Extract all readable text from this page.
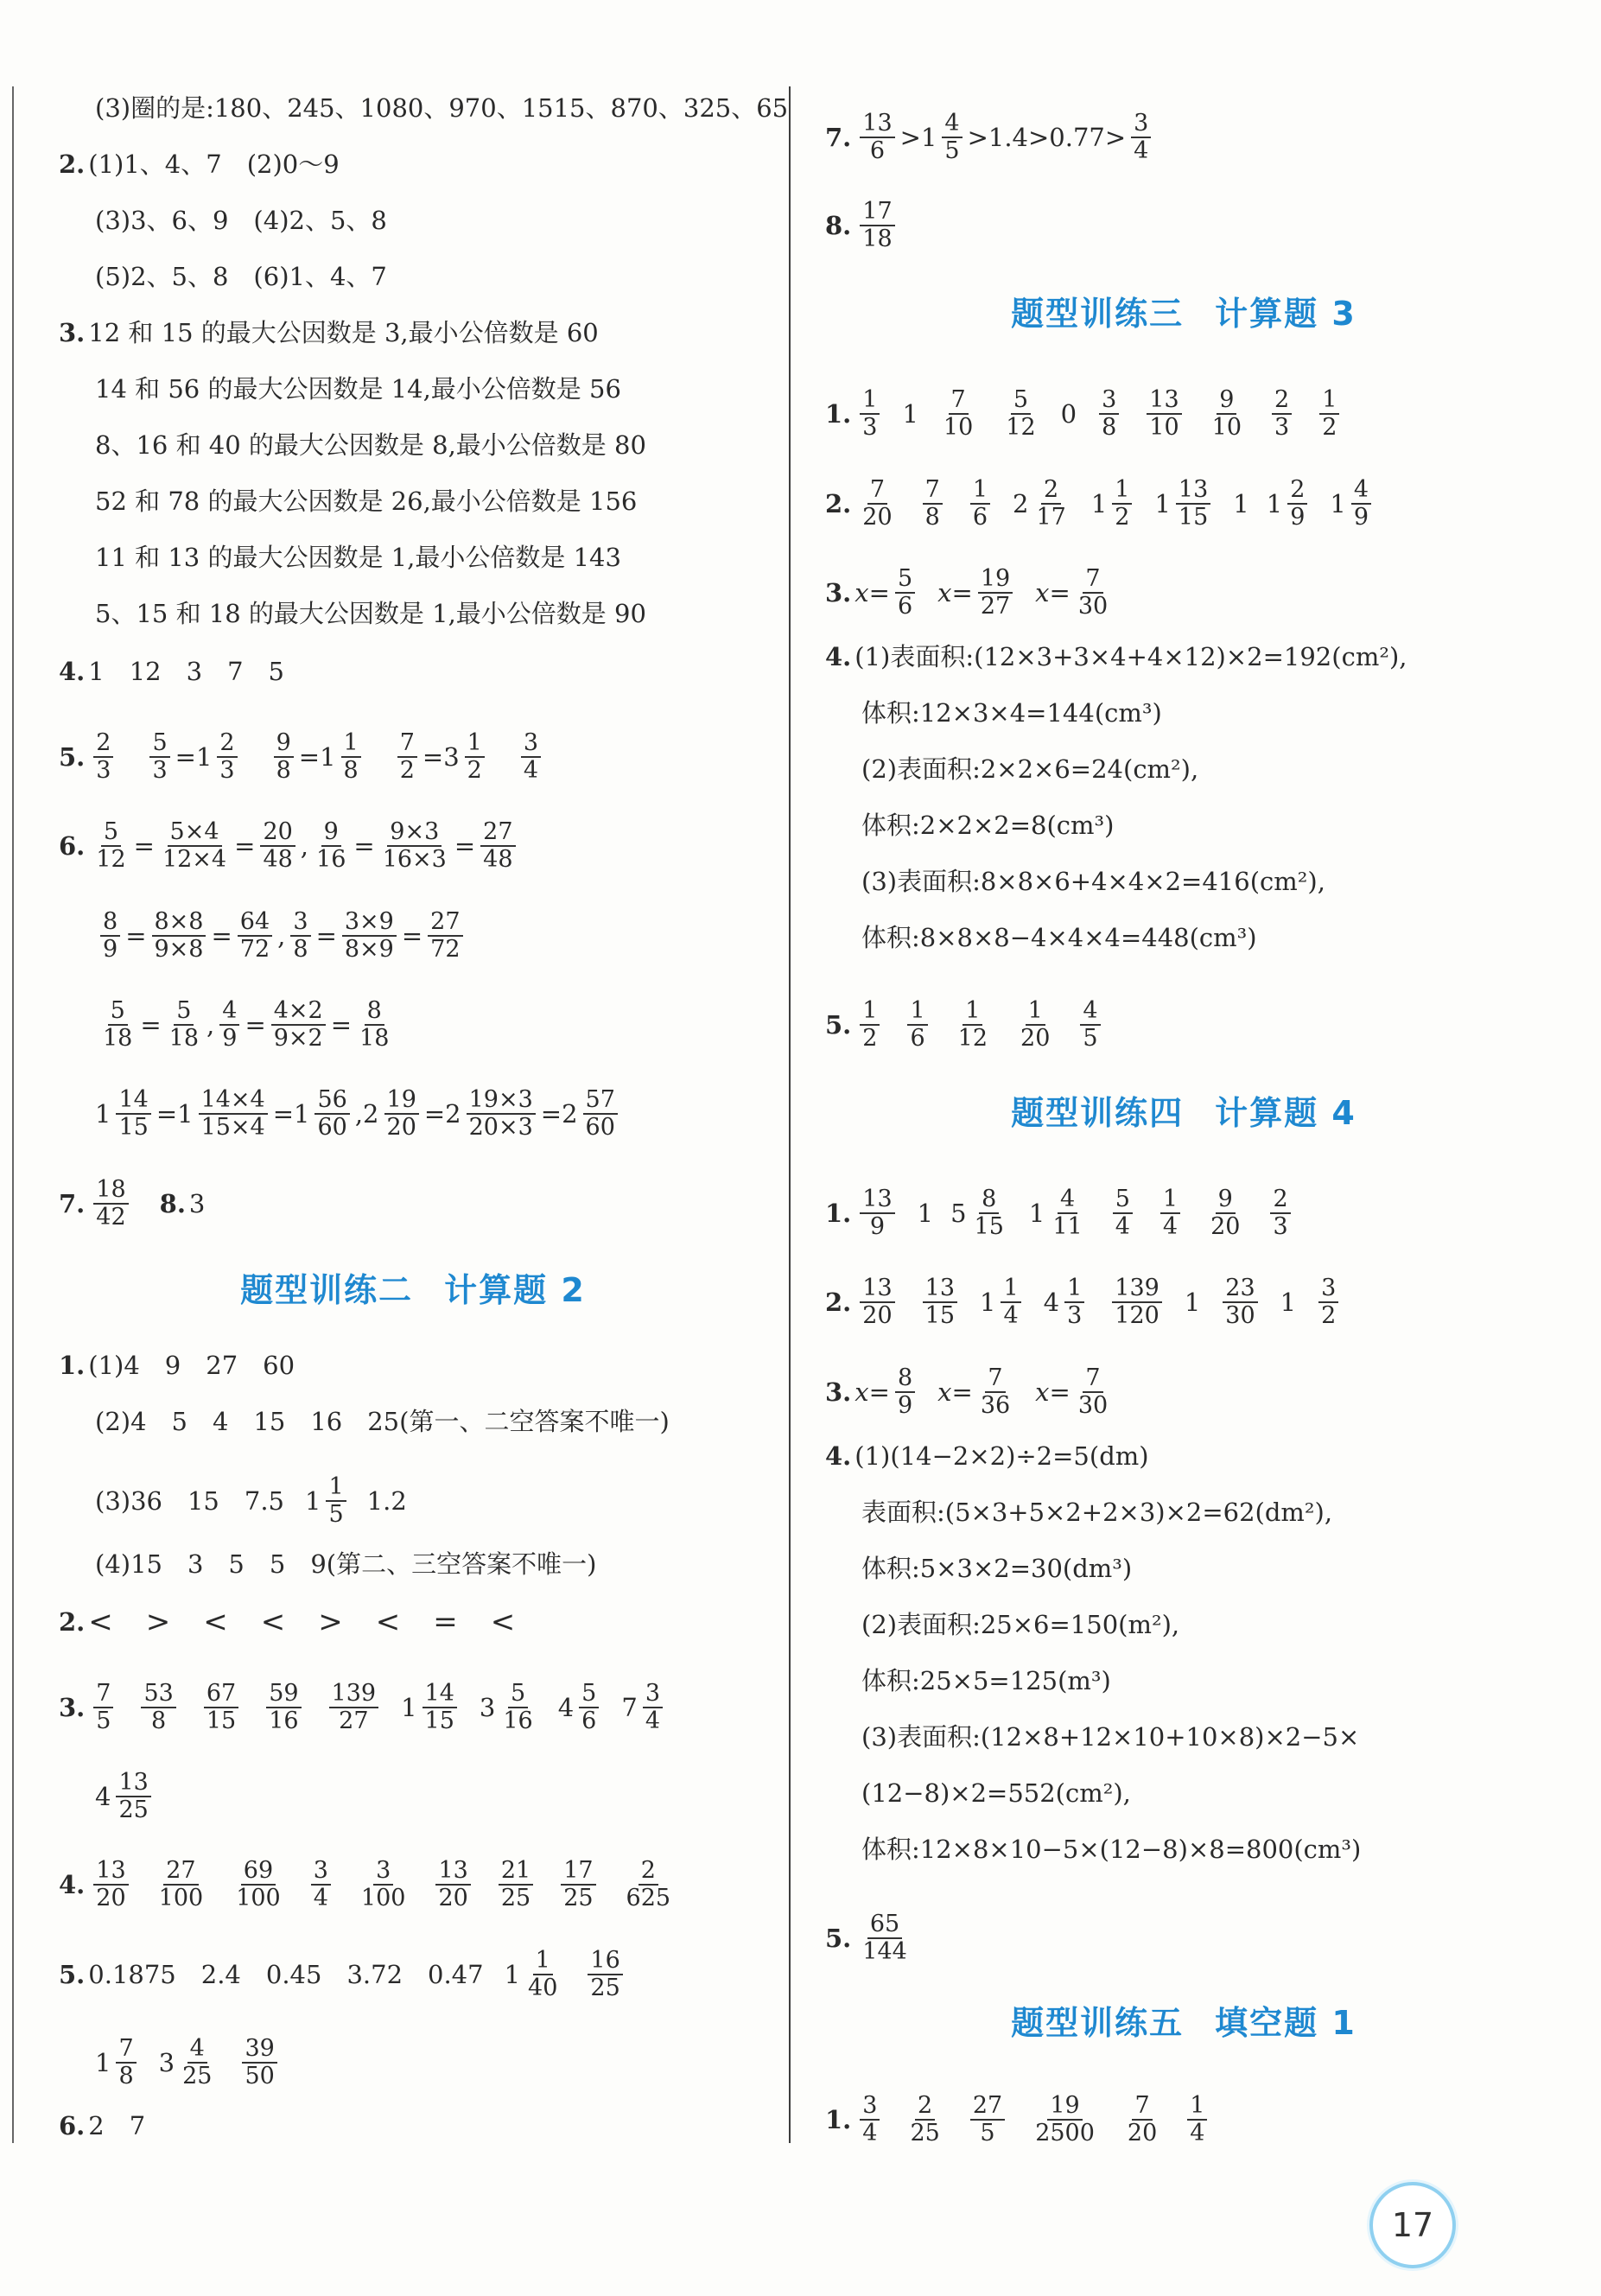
(3)圈的是:180、245、1080、970、1515、870、325、65
2. (1)1、4、7　(2)0～9
(3)3、6、9　(4)2、5、8
(5)2、5、8　(6)1、4、7
3. 12 和 15 的最大公因数是 3,最小公倍数是 60
14 和 56 的最大公因数是 14,最小公倍数是 56
8、16 和 40 的最大公因数是 8,最小公倍数是 80
52 和 78 的最大公因数是 26,最小公倍数是 156
11 和 13 的最大公因数是 1,最小公倍数是 143
5、15 和 18 的最大公因数是 1,最小公倍数是 90
4. 1　12　3　7　5
5. $\frac{2}{3} \frac{5}{3} =1 \frac{2}{3} \frac{9}{8} =1 \frac{1}{8} \frac{7}{2} =3 \frac{1}{2} \frac{3}{4}$
6. $\frac{5}{12} = \frac{5\times 4}{12\times 4} = \frac{20}{48}$ , $\frac{9}{16} = \frac{9\times 3}{16\times 3} = \frac{27}{48}$
$\frac{8}{9} = \frac{8\times 8}{9\times 8} = \frac{64}{72}$ , $\frac{3}{8} = \frac{3\times 9}{8\times 9} = \frac{27}{72}$
$\frac{5}{18} = \frac{5}{18}$ , $\frac{4}{9} = \frac{4\times 2}{9\times 2} = \frac{8}{18}$
$1 \frac{14}{15} =1 \frac{14\times 4}{15\times 4} =1 \frac{56}{60} ,2 \frac{19}{20} =2 \frac{19\times 3}{20\times 3} =2 \frac{57}{60}$
7. $\frac{18}{42} 8$. 3
题型训练二 计算题 2
1. (1)4　9　27　60
(2)4　5　4　15　16　25(第一、二空答案不唯一)
(3)36　15　7.5 $1 \frac{1}{5} 1.2$
(4)15　3　5　5　9(第二、三空答案不唯一)
2. <　>　<　<　>　<　=　<
3. $\frac{7}{5} \frac{53}{8} \frac{67}{15} \frac{59}{16} \frac{139}{27} 1 \frac{14}{15} 3 \frac{5}{16} 4 \frac{5}{6} 7 \frac{3}{4}$
$4 \frac{13}{25}$
4. $\frac{13}{20} \frac{27}{100} \frac{69}{100} \frac{3}{4} \frac{3}{100} \frac{13}{20} \frac{21}{25} \frac{17}{25} \frac{2}{625}$
5. 0.1875　2.4　0.45　3.72　0.47 $1 \frac{1}{40} \frac{16}{25}$
$1 \frac{7}{8} 3 \frac{4}{25} \frac{39}{50}$
6. 2　7
7. $\frac{13}{6} >1 \frac{4}{5} >1.4>0.77> \frac{3}{4}$
8. $\frac{17}{18}$
题型训练三 计算题 3
1. $\frac{1}{3} 1 \frac{7}{10} \frac{5}{12} 0 \frac{3}{8} \frac{13}{10} \frac{9}{10} \frac{2}{3} \frac{1}{2}$
2. $\frac{7}{20} \frac{7}{8} \frac{1}{6} 2 \frac{2}{17} 1 \frac{1}{2} 1 \frac{13}{15} 1$ $1 \frac{2}{9} 1 \frac{4}{9}$
3. $x = \frac{5}{6}$ $x = \frac{19}{27}$ $x = \frac{7}{30}$
4. (1)表面积:(12×3+3×4+4×12)×2=192(cm²),
体积:12×3×4=144(cm³)
(2)表面积:2×2×6=24(cm²),
体积:2×2×2=8(cm³)
(3)表面积:8×8×6+4×4×2=416(cm²),
体积:8×8×8−4×4×4=448(cm³)
5. $\frac{1}{2} \frac{1}{6} \frac{1}{12} \frac{1}{20} \frac{4}{5}$
题型训练四 计算题 4
1. $\frac{13}{9} 1$ $5 \frac{8}{15} 1 \frac{4}{11} \frac{5}{4} \frac{1}{4} \frac{9}{20} \frac{2}{3}$
2. $\frac{13}{20} \frac{13}{15} 1 \frac{1}{4} 4 \frac{1}{3} \frac{139}{120} 1 \frac{23}{30} 1 \frac{3}{2}$
3. $x = \frac{8}{9}$ $x = \frac{7}{36}$ $x = \frac{7}{30}$
4. (1)(14−2×2)÷2=5(dm)
表面积:(5×3+5×2+2×3)×2=62(dm²),
体积:5×3×2=30(dm³)
(2)表面积:25×6=150(m²),
体积:25×5=125(m³)
(3)表面积:(12×8+12×10+10×8)×2−5×
(12−8)×2=552(cm²),
体积:12×8×10−5×(12−8)×8=800(cm³)
5. $\frac{65}{144}$
题型训练五 填空题 1
1. $\frac{3}{4} \frac{2}{25} \frac{27}{5} \frac{19}{2500} \frac{7}{20} \frac{1}{4}$
17
